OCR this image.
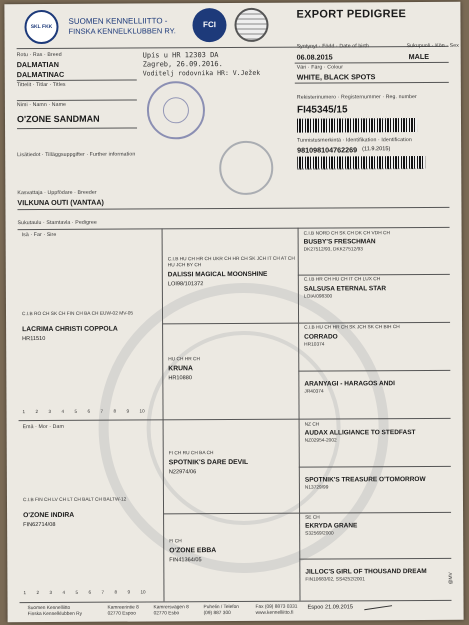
SKL FKK
SUOMEN KENNELLIITTO -
FINSKA KENNELKLUBBEN RY.
FCI
EXPORT PEDIGREE
Upis u HR 12303 DA
Zagreb, 26.09.2016.
Voditelj rodovnika HR: V.Ježek
Rotu · Ras · Breed
DALMATIAN
DALMATINAC
Tittelit · Titlar · Titles
Syntynyt · Född · Date of birth	Sukupuoli · Kön · Sex
06.08.2015	MALE
Väri · Färg · Colour
WHITE, BLACK SPOTS
Rekisterinumero · Registernummer · Reg. number
FI45345/15
Tunnistusmerkintä · Identifikation · Identification
981098104762269 (11.9.2015)
Nimi · Namn · Name
O'ZONE SANDMAN
Lisätiedot · Tilläggsuppgifter · Further information
Kasvattaja · Uppfödare · Breeder
VILKUNA OUTI (VANTAA)
Sukutaulu · Stamtavla · Pedigree
Isä · Far · Sire
Emä · Mor · Dam
C.I.B RO CH SK CH FIN CH BA CH EUW-02 MV-05
LACRIMA CHRISTI COPPOLA
HR11510
C.I.B HU CH HR CH UKR CH HR CH SK JCH IT CH AT CH HU JCH BY CH
DALISSI MAGICAL MOONSHINE
LOI98/101372
HU CH HR CH
KRUNA
HR10880
C.I.B NORD CH SK CH DK CH VDH CH
BUSBY'S FRESCHMAN
DK27512/93, DKK27512/93
C.I.B HR CH HU CH IT CH LUX CH
SALSUSA ETERNAL STAR
LOIA/098300
C.I.B HU CH HR CH SK JCH SK CH BIH CH
CORRADO
HR10374
ARANYAGI - HARAGOS ANDI
JR40374
C.I.B FIN CH LV CH LT CH BALT CH BALTW-12
O'ZONE INDIRA
FIN62714/08
FI CH RU CH BA CH
SPOTNIK'S DARE DEVIL
N22974/06
FI CH
O'ZONE EBBA
FIN41364/05
NZ CH
AUDAX ALLIGIANCE TO STEDFAST
NZ02954-2002
SPOTNIK'S TREASURE O'TOMORROW
N13729/99
SE CH
EKRYDA GRANE
S32569/2000
JILLOC'S GIRL OF THOUSAND DREAM
FIN10683/02, SS4252/2001
1	2	3	4	5	6	7	8	9	10
1	2	3	4	5	6	7	8	9	10
Suomen Kennelliitto
Finska Kennelklubben Ry
Kamreerintie 8
02770 Espoo
Kamrersvägen 8
02770 Esbo
Puhelin / Telefon
(09) 887 300
Fax (09) 8873 0331
www.kennelliitto.fi
Espoo 21.09.2015
@MV
